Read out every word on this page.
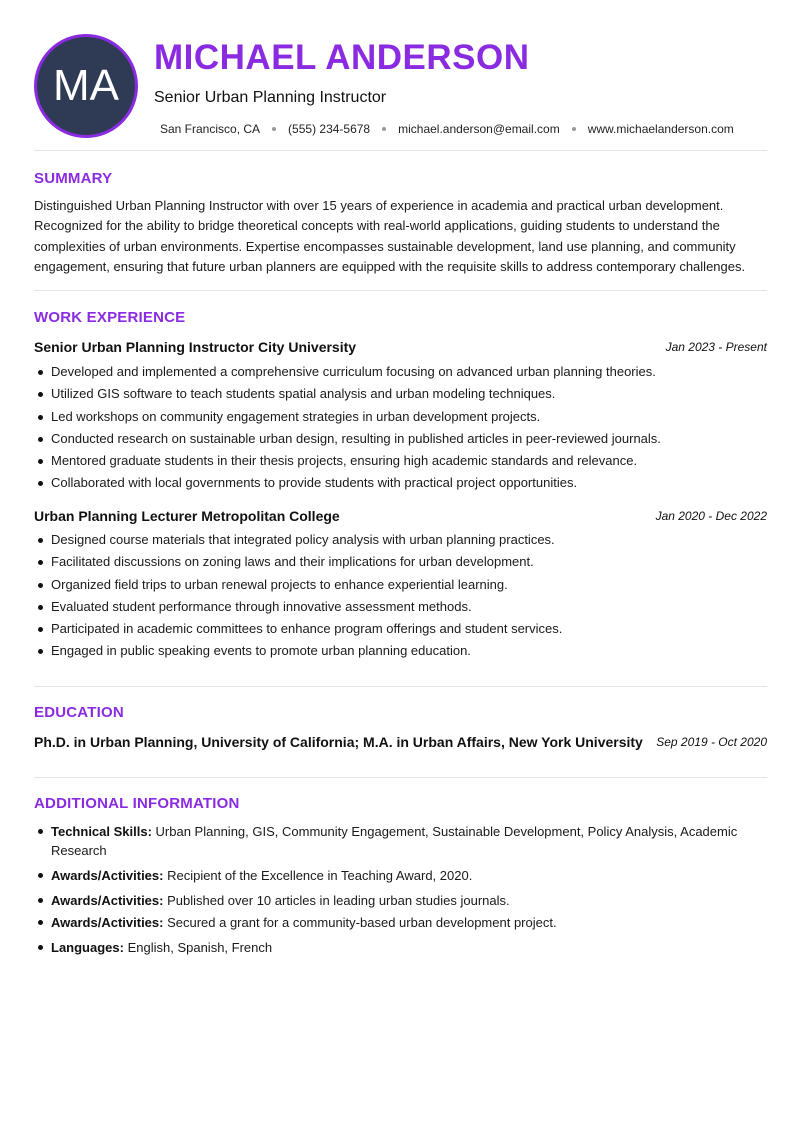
MA
MICHAEL ANDERSON
Senior Urban Planning Instructor
San Francisco, CA (555) 234-5678 michael.anderson@email.com www.michaelanderson.com
SUMMARY

Distinguished Urban Planning Instructor with over 15 years of experience in academia and practical urban development. Recognized for the ability to bridge theoretical concepts with real-world applications, guiding students to understand the complexities of urban environments. Expertise encompasses sustainable development, land use planning, and community engagement, ensuring that future urban planners are equipped with the requisite skills to address contemporary challenges.

WORK EXPERIENCE
Senior Urban Planning Instructor City University	Jan 2023 - Present
Developed and implemented a comprehensive curriculum focusing on advanced urban planning theories.
Utilized GIS software to teach students spatial analysis and urban modeling techniques.
Led workshops on community engagement strategies in urban development projects.
Conducted research on sustainable urban design, resulting in published articles in peer-reviewed journals.
Mentored graduate students in their thesis projects, ensuring high academic standards and relevance.
Collaborated with local governments to provide students with practical project opportunities.
Urban Planning Lecturer Metropolitan College	Jan 2020 - Dec 2022
Designed course materials that integrated policy analysis with urban planning practices.
Facilitated discussions on zoning laws and their implications for urban development.
Organized field trips to urban renewal projects to enhance experiential learning.
Evaluated student performance through innovative assessment methods.
Participated in academic committees to enhance program offerings and student services.
Engaged in public speaking events to promote urban planning education.
EDUCATION
Ph.D. in Urban Planning, University of California; M.A. in Urban Affairs, New York University Sep 2019 - Oct 2020
ADDITIONAL INFORMATION
Technical Skills: Urban Planning, GIS, Community Engagement, Sustainable Development, Policy Analysis, Academic Research
Awards/Activities: Recipient of the Excellence in Teaching Award, 2020.
Awards/Activities: Published over 10 articles in leading urban studies journals.
Awards/Activities: Secured a grant for a community-based urban development project.
Languages: English, Spanish, French
